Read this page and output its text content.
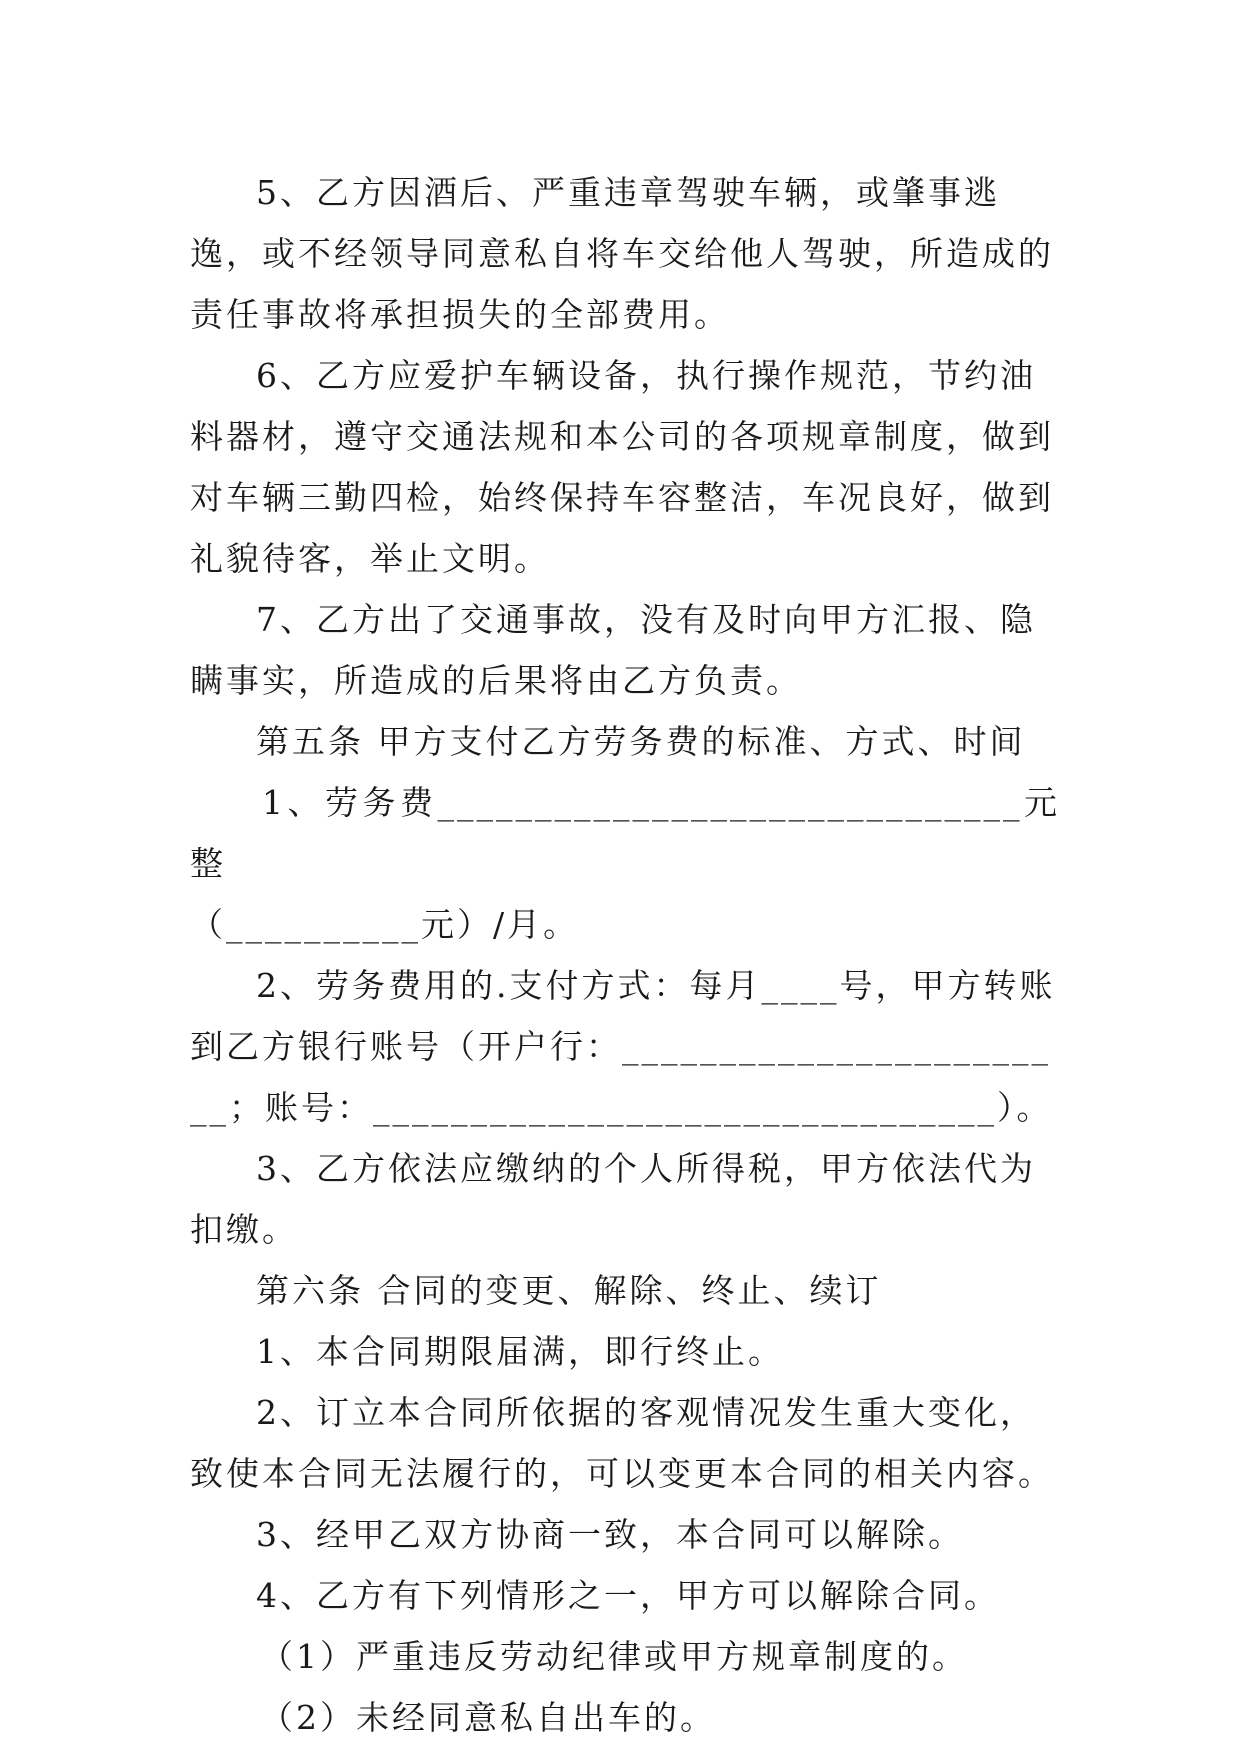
5、乙方因酒后、严重违章驾驶车辆，或肇事逃逸，或不经领导同意私自将车交给他人驾驶，所造成的责任事故将承担损失的全部费用。

6、乙方应爱护车辆设备，执行操作规范，节约油料器材，遵守交通法规和本公司的各项规章制度，做到对车辆三勤四检，始终保持车容整洁，车况良好，做到礼貌待客，举止文明。

7、乙方出了交通事故，没有及时向甲方汇报、隐瞒事实，所造成的后果将由乙方负责。

第五条 甲方支付乙方劳务费的标准、方式、时间

1、劳务费______________________________元整

（__________元）/月。

2、劳务费用的.支付方式：每月____号，甲方转账到乙方银行账号（开户行：________________________；账号：________________________________）。

3、乙方依法应缴纳的个人所得税，甲方依法代为扣缴。

第六条 合同的变更、解除、终止、续订

1、本合同期限届满，即行终止。

2、订立本合同所依据的客观情况发生重大变化，致使本合同无法履行的，可以变更本合同的相关内容。

3、经甲乙双方协商一致，本合同可以解除。

4、乙方有下列情形之一，甲方可以解除合同。

（1）严重违反劳动纪律或甲方规章制度的。

（2）未经同意私自出车的。
